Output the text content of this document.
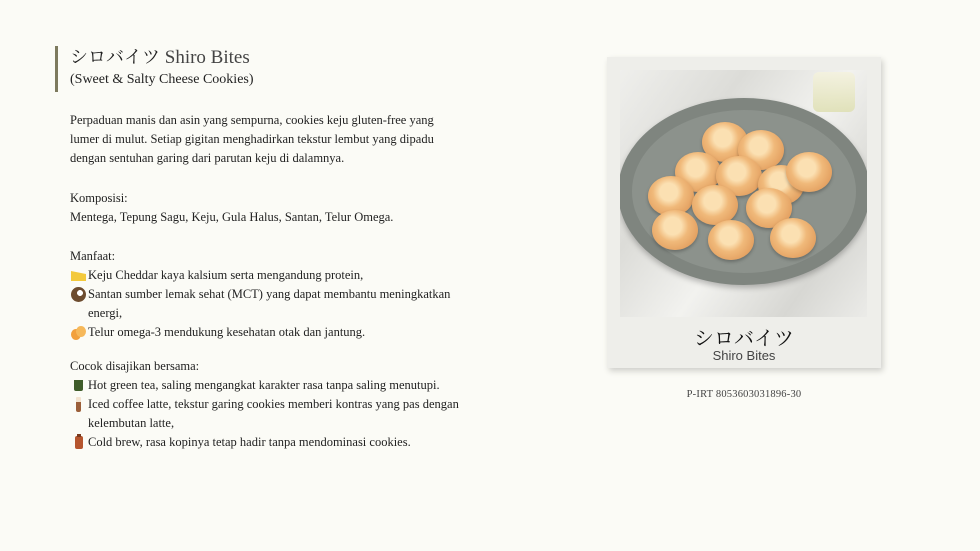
シロバイツ Shiro Bites
(Sweet & Salty Cheese Cookies)
Perpaduan manis dan asin yang sempurna, cookies keju gluten-free yang
lumer di mulut. Setiap gigitan menghadirkan tekstur lembut yang dipadu
dengan sentuhan garing dari parutan keju di dalamnya.
Komposisi:
Mentega, Tepung Sagu, Keju, Gula Halus, Santan, Telur Omega.
Manfaat:
Keju Cheddar kaya kalsium serta mengandung protein,
Santan sumber lemak sehat (MCT) yang dapat membantu meningkatkan
energi,
Telur omega-3 mendukung kesehatan otak dan jantung.
Cocok disajikan bersama:
Hot green tea, saling mengangkat karakter rasa tanpa saling menutupi.
Iced coffee latte, tekstur garing cookies memberi kontras yang pas dengan
kelembutan latte,
Cold brew, rasa kopinya tetap hadir tanpa mendominasi cookies.
シロバイツ
Shiro Bites
P-IRT 8053603031896-30
